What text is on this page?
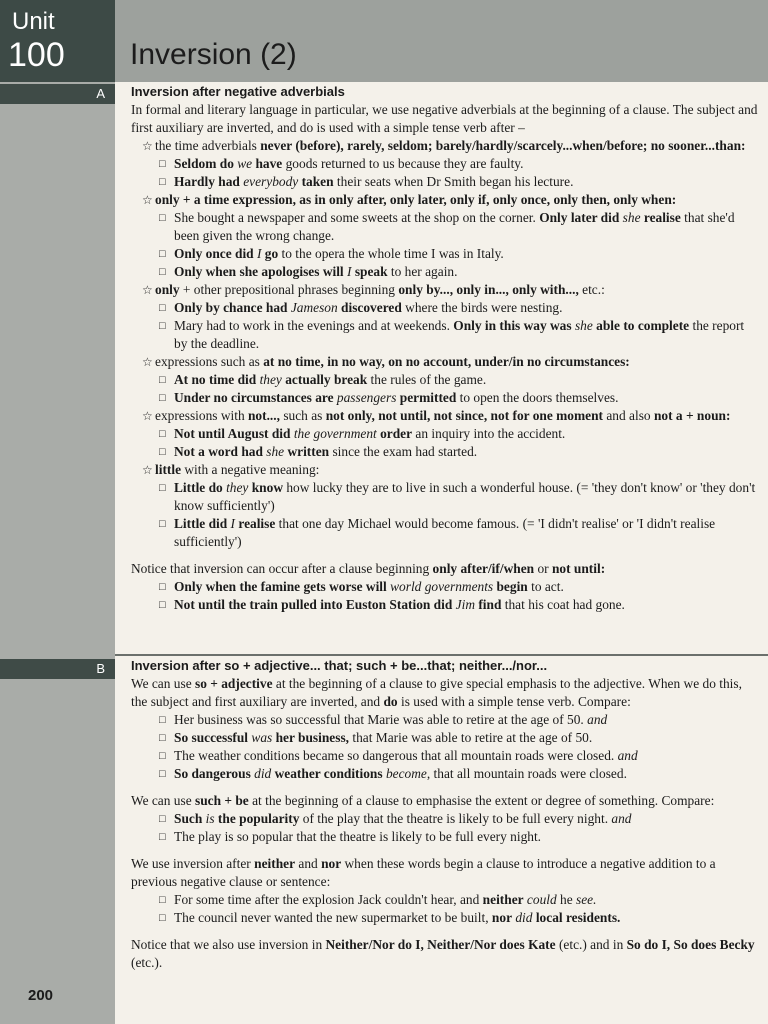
Unit
100 Inversion (2)
A
B
200

Inversion after negative adverbials

In formal and literary language in particular, we use negative adverbials at the beginning of a clause. The subject and first auxiliary are inverted, and do is used with a simple tense verb after –

☆ the time adverbials never (before), rarely, seldom; barely/hardly/scarcely...when/before; no sooner...than:

□ Seldom do we have goods returned to us because they are faulty.

□ Hardly had everybody taken their seats when Dr Smith began his lecture.

☆ only + a time expression, as in only after, only later, only if, only once, only then, only when:

□ She bought a newspaper and some sweets at the shop on the corner. Only later did she realise that she'd been given the wrong change.

□ Only once did I go to the opera the whole time I was in Italy.

□ Only when she apologises will I speak to her again.

☆ only + other prepositional phrases beginning only by..., only in..., only with..., etc.:

□ Only by chance had Jameson discovered where the birds were nesting.

□ Mary had to work in the evenings and at weekends. Only in this way was she able to complete the report by the deadline.

☆ expressions such as at no time, in no way, on no account, under/in no circumstances:

□ At no time did they actually break the rules of the game.

□ Under no circumstances are passengers permitted to open the doors themselves.

☆ expressions with not..., such as not only, not until, not since, not for one moment and also not a + noun:

□ Not until August did the government order an inquiry into the accident.

□ Not a word had she written since the exam had started.

☆ little with a negative meaning:

□ Little do they know how lucky they are to live in such a wonderful house. (= 'they don't know' or 'they don't know sufficiently')

□ Little did I realise that one day Michael would become famous. (= 'I didn't realise' or 'I didn't realise sufficiently')

Notice that inversion can occur after a clause beginning only after/if/when or not until:

□ Only when the famine gets worse will world governments begin to act.

□ Not until the train pulled into Euston Station did Jim find that his coat had gone.

Inversion after so + adjective... that; such + be...that; neither.../nor...

We can use so + adjective at the beginning of a clause to give special emphasis to the adjective. When we do this, the subject and first auxiliary are inverted, and do is used with a simple tense verb. Compare:

□ Her business was so successful that Marie was able to retire at the age of 50. and

□ So successful was her business, that Marie was able to retire at the age of 50.

□ The weather conditions became so dangerous that all mountain roads were closed. and

□ So dangerous did weather conditions become, that all mountain roads were closed.

We can use such + be at the beginning of a clause to emphasise the extent or degree of something. Compare:

□ Such is the popularity of the play that the theatre is likely to be full every night. and

□ The play is so popular that the theatre is likely to be full every night.

We use inversion after neither and nor when these words begin a clause to introduce a negative addition to a previous negative clause or sentence:

□ For some time after the explosion Jack couldn't hear, and neither could he see.

□ The council never wanted the new supermarket to be built, nor did local residents.

Notice that we also use inversion in Neither/Nor do I, Neither/Nor does Kate (etc.) and in So do I, So does Becky (etc.).
